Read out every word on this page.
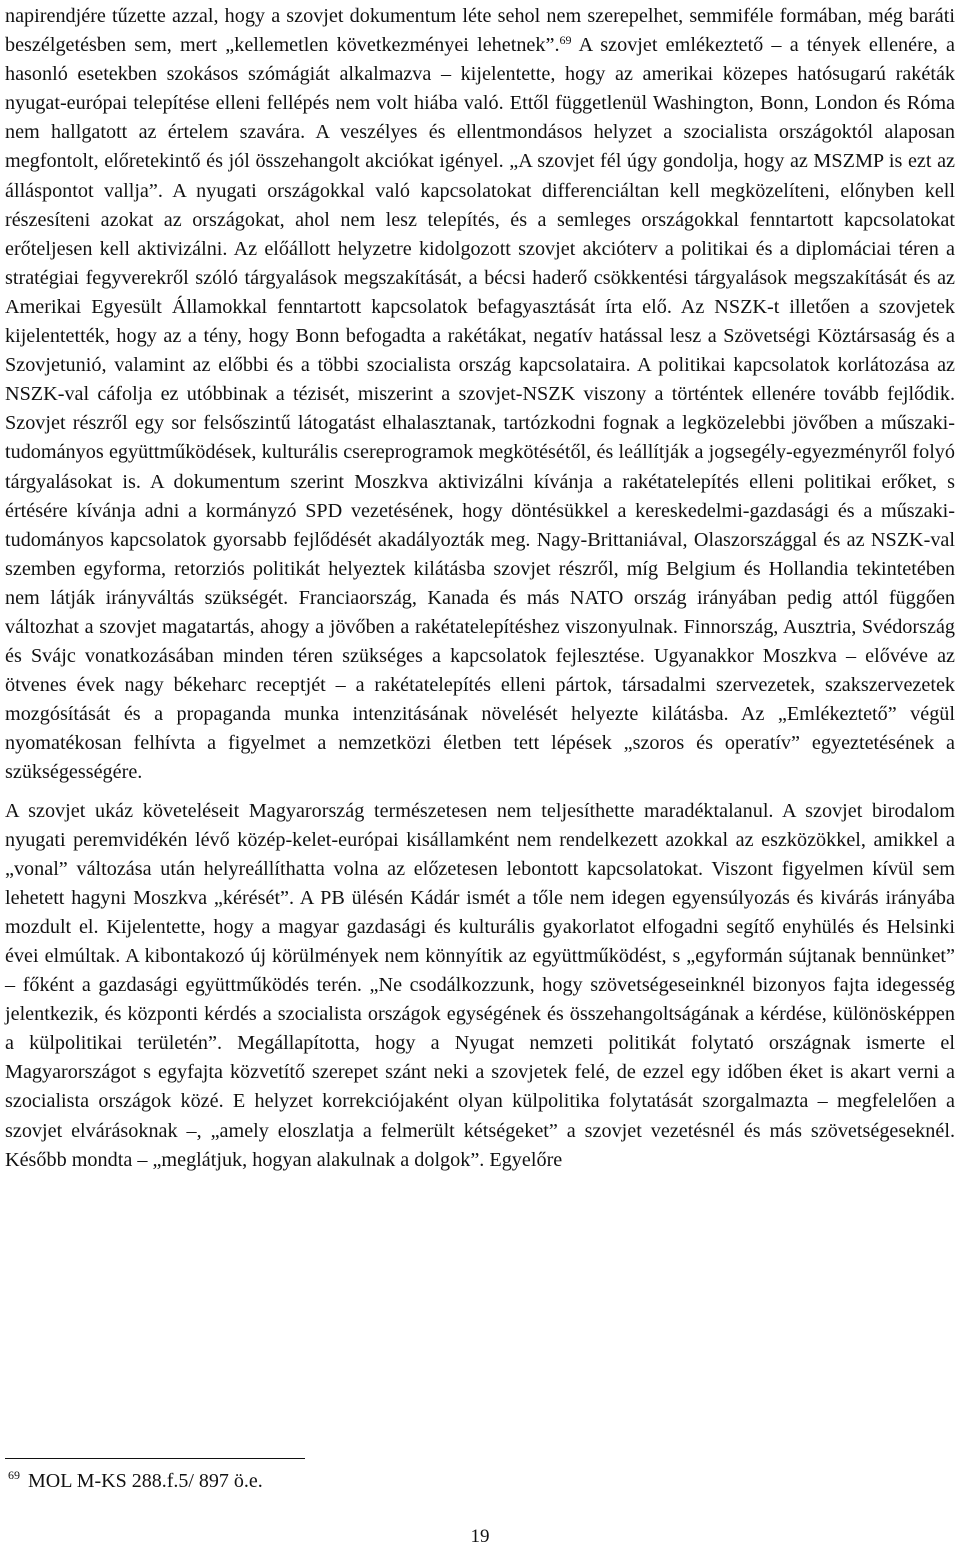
napirendjére tűzette azzal, hogy a szovjet dokumentum léte sehol nem szerepelhet, semmiféle formában, még baráti beszélgetésben sem, mert „kellemetlen következményei lehetnek”.$^{69}$ A szovjet emlékeztető – a tények ellenére, a hasonló esetekben szokásos szómágiát alkalmazva – kijelentette, hogy az amerikai közepes hatósugarú rakéták nyugat-európai telepítése elleni fellépés nem volt hiába való. Ettől függetlenül Washington, Bonn, London és Róma nem hallgatott az értelem szavára. A veszélyes és ellentmondásos helyzet a szocialista országoktól alaposan megfontolt, előretekintő és jól összehangolt akciókat igényel. „A szovjet fél úgy gondolja, hogy az MSZMP is ezt az álláspontot vallja”. A nyugati országokkal való kapcsolatokat differenciáltan kell megközelíteni, előnyben kell részesíteni azokat az országokat, ahol nem lesz telepítés, és a semleges országokkal fenntartott kapcsolatokat erőteljesen kell aktivizálni. Az előállott helyzetre kidolgozott szovjet akcióterv a politikai és a diplomáciai téren a stratégiai fegyverekről szóló tárgyalások megszakítását, a bécsi haderő csökkentési tárgyalások megszakítását és az Amerikai Egyesült Államokkal fenntartott kapcsolatok befagyasztását írta elő. Az NSZK-t illetően a szovjetek kijelentették, hogy az a tény, hogy Bonn befogadta a rakétákat, negatív hatással lesz a Szövetségi Köztársaság és a Szovjetunió, valamint az előbbi és a többi szocialista ország kapcsolataira. A politikai kapcsolatok korlátozása az NSZK-val cáfolja ez utóbbinak a tézisét, miszerint a szovjet-NSZK viszony a történtek ellenére tovább fejlődik. Szovjet részről egy sor felsőszintű látogatást elhalasztanak, tartózkodni fognak a legközelebbi jövőben a műszaki-tudományos együttműködések, kulturális csereprogramok megkötésétől, és leállítják a jogsegély-egyezményről folyó tárgyalásokat is. A dokumentum szerint Moszkva aktivizálni kívánja a rakétatelepítés elleni politikai erőket, s értésére kívánja adni a kormányzó SPD vezetésének, hogy döntésükkel a kereskedelmi-gazdasági és a műszaki-tudományos kapcsolatok gyorsabb fejlődését akadályozták meg. Nagy-Brittaniával, Olaszországgal és az NSZK-val szemben egyforma, retorziós politikát helyeztek kilátásba szovjet részről, míg Belgium és Hollandia tekintetében nem látják irányváltás szükségét. Franciaország, Kanada és más NATO ország irányában pedig attól függően változhat a szovjet magatartás, ahogy a jövőben a rakétatelepítéshez viszonyulnak. Finnország, Ausztria, Svédország és Svájc vonatkozásában minden téren szükséges a kapcsolatok fejlesztése. Ugyanakkor Moszkva – elővéve az ötvenes évek nagy békeharc receptjét – a rakétatelepítés elleni pártok, társadalmi szervezetek, szakszervezetek mozgósítását és a propaganda munka intenzitásának növelését helyezte kilátásba. Az „Emlékeztető” végül nyomatékosan felhívta a figyelmet a nemzetközi életben tett lépések „szoros és operatív” egyeztetésének a szükségességére.

A szovjet ukáz követeléseit Magyarország természetesen nem teljesíthette maradéktalanul. A szovjet birodalom nyugati peremvidékén lévő közép-kelet-európai kisállamként nem rendelkezett azokkal az eszközökkel, amikkel a „vonal” változása után helyreállíthatta volna az előzetesen lebontott kapcsolatokat. Viszont figyelmen kívül sem lehetett hagyni Moszkva „kérését”. A PB ülésén Kádár ismét a tőle nem idegen egyensúlyozás és kivárás irányába mozdult el. Kijelentette, hogy a magyar gazdasági és kulturális gyakorlatot elfogadni segítő enyhülés és Helsinki évei elmúltak. A kibontakozó új körülmények nem könnyítik az együttműködést, s „egyformán sújtanak bennünket” – főként a gazdasági együttműködés terén. „Ne csodálkozzunk, hogy szövetségeseinknél bizonyos fajta idegesség jelentkezik, és központi kérdés a szocialista országok egységének és összehangoltságának a kérdése, különösképpen a külpolitikai területén”. Megállapította, hogy a Nyugat nemzeti politikát folytató országnak ismerte el Magyarországot s egyfajta közvetítő szerepet szánt neki a szovjetek felé, de ezzel egy időben éket is akart verni a szocialista országok közé. E helyzet korrekciójaként olyan külpolitika folytatását szorgalmazta – megfelelően a szovjet elvárásoknak –, „amely eloszlatja a felmerült kétségeket” a szovjet vezetésnél és más szövetségeseknél. Később mondta – „meglátjuk, hogyan alakulnak a dolgok”. Egyelőre

$^{69}$ MOL M-KS 288.f.5/ 897 ö.e.
19
